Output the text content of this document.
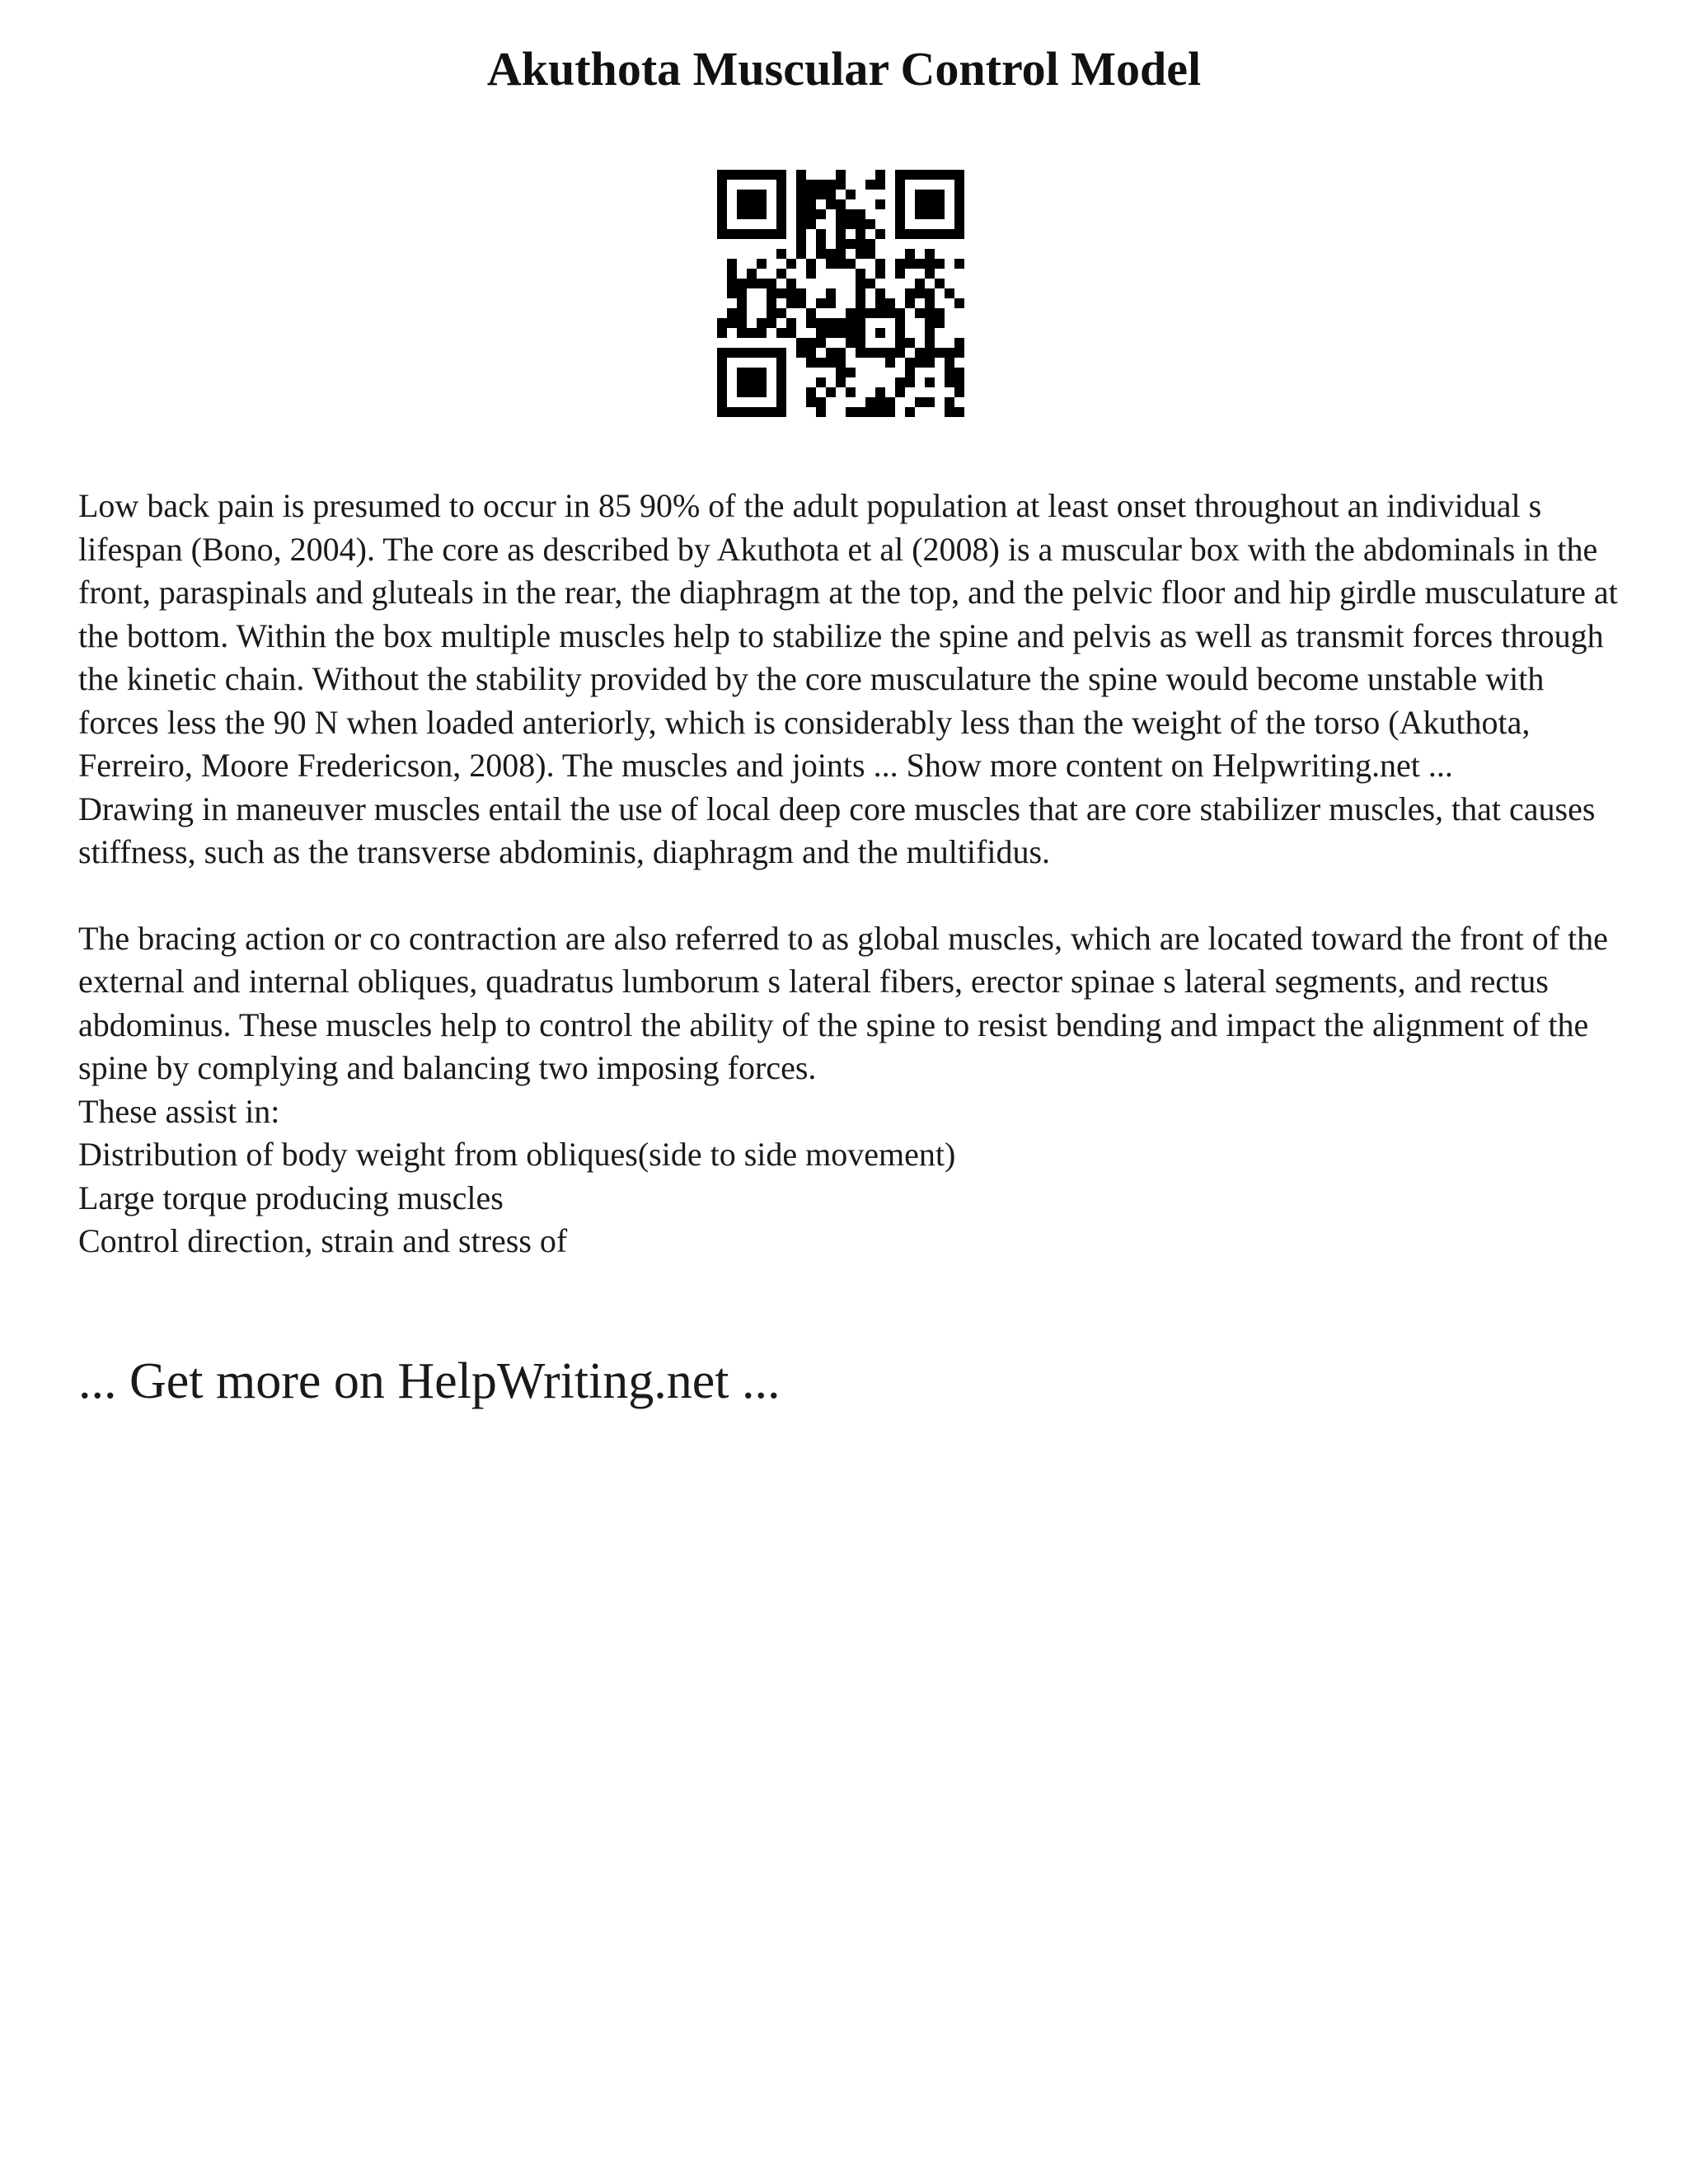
Akuthota Muscular Control Model

Low back pain is presumed to occur in 85 90% of the adult population at least onset throughout an individual s lifespan (Bono, 2004). The core as described by Akuthota et al (2008) is a muscular box with the abdominals in the front, paraspinals and gluteals in the rear, the diaphragm at the top, and the pelvic floor and hip girdle musculature at the bottom. Within the box multiple muscles help to stabilize the spine and pelvis as well as transmit forces through the kinetic chain. Without the stability provided by the core musculature the spine would become unstable with forces less the 90 N when loaded anteriorly, which is considerably less than the weight of the torso (Akuthota, Ferreiro, Moore Fredericson, 2008). The muscles and joints ... Show more content on Helpwriting.net ...
Drawing in maneuver muscles entail the use of local deep core muscles that are core stabilizer muscles, that causes stiffness, such as the transverse abdominis, diaphragm and the multifidus.

The bracing action or co contraction are also referred to as global muscles, which are located toward the front of the external and internal obliques, quadratus lumborum s lateral fibers, erector spinae s lateral segments, and rectus abdominus. These muscles help to control the ability of the spine to resist bending and impact the alignment of the spine by complying and balancing two imposing forces.
These assist in:
Distribution of body weight from obliques(side to side movement)
Large torque producing muscles
Control direction, strain and stress of

... Get more on HelpWriting.net ...
